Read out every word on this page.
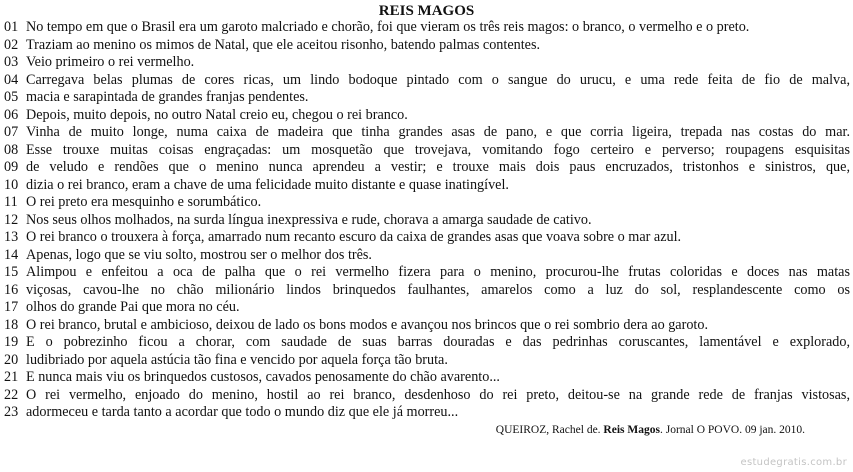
REIS MAGOS
01 No tempo em que o Brasil era um garoto malcriado e chorão, foi que vieram os três reis magos: o branco, o vermelho e o preto.
02 Traziam ao menino os mimos de Natal, que ele aceitou risonho, batendo palmas contentes.
03 Veio primeiro o rei vermelho.
04 Carregava belas plumas de cores ricas, um lindo bodoque pintado com o sangue do urucu, e uma rede feita de fio de malva,
05 macia e sarapintada de grandes franjas pendentes.
06 Depois, muito depois, no outro Natal creio eu, chegou o rei branco.
07 Vinha de muito longe, numa caixa de madeira que tinha grandes asas de pano, e que corria ligeira, trepada nas costas do mar.
08 Esse trouxe muitas coisas engraçadas: um mosquetão que trovejava, vomitando fogo certeiro e perverso; roupagens esquisitas
09 de veludo e rendões que o menino nunca aprendeu a vestir; e trouxe mais dois paus encruzados, tristonhos e sinistros, que,
10 dizia o rei branco, eram a chave de uma felicidade muito distante e quase inatingível.
11 O rei preto era mesquinho e sorumbático.
12 Nos seus olhos molhados, na surda língua inexpressiva e rude, chorava a amarga saudade de cativo.
13 O rei branco o trouxera à força, amarrado num recanto escuro da caixa de grandes asas que voava sobre o mar azul.
14 Apenas, logo que se viu solto, mostrou ser o melhor dos três.
15 Alimpou e enfeitou a oca de palha que o rei vermelho fizera para o menino, procurou-lhe frutas coloridas e doces nas matas
16 viçosas, cavou-lhe no chão milionário lindos brinquedos faulhantes, amarelos como a luz do sol, resplandescente como os
17 olhos do grande Pai que mora no céu.
18 O rei branco, brutal e ambicioso, deixou de lado os bons modos e avançou nos brincos que o rei sombrio dera ao garoto.
19 E o pobrezinho ficou a chorar, com saudade de suas barras douradas e das pedrinhas coruscantes, lamentável e explorado,
20 ludibriado por aquela astúcia tão fina e vencido por aquela força tão bruta.
21 E nunca mais viu os brinquedos custosos, cavados penosamente do chão avarento...
22 O rei vermelho, enjoado do menino, hostil ao rei branco, desdenhoso do rei preto, deitou-se na grande rede de franjas vistosas,
23 adormeceu e tarda tanto a acordar que todo o mundo diz que ele já morreu...
QUEIROZ, Rachel de. Reis Magos. Jornal O POVO. 09 jan. 2010.
estudegratis.com.br
